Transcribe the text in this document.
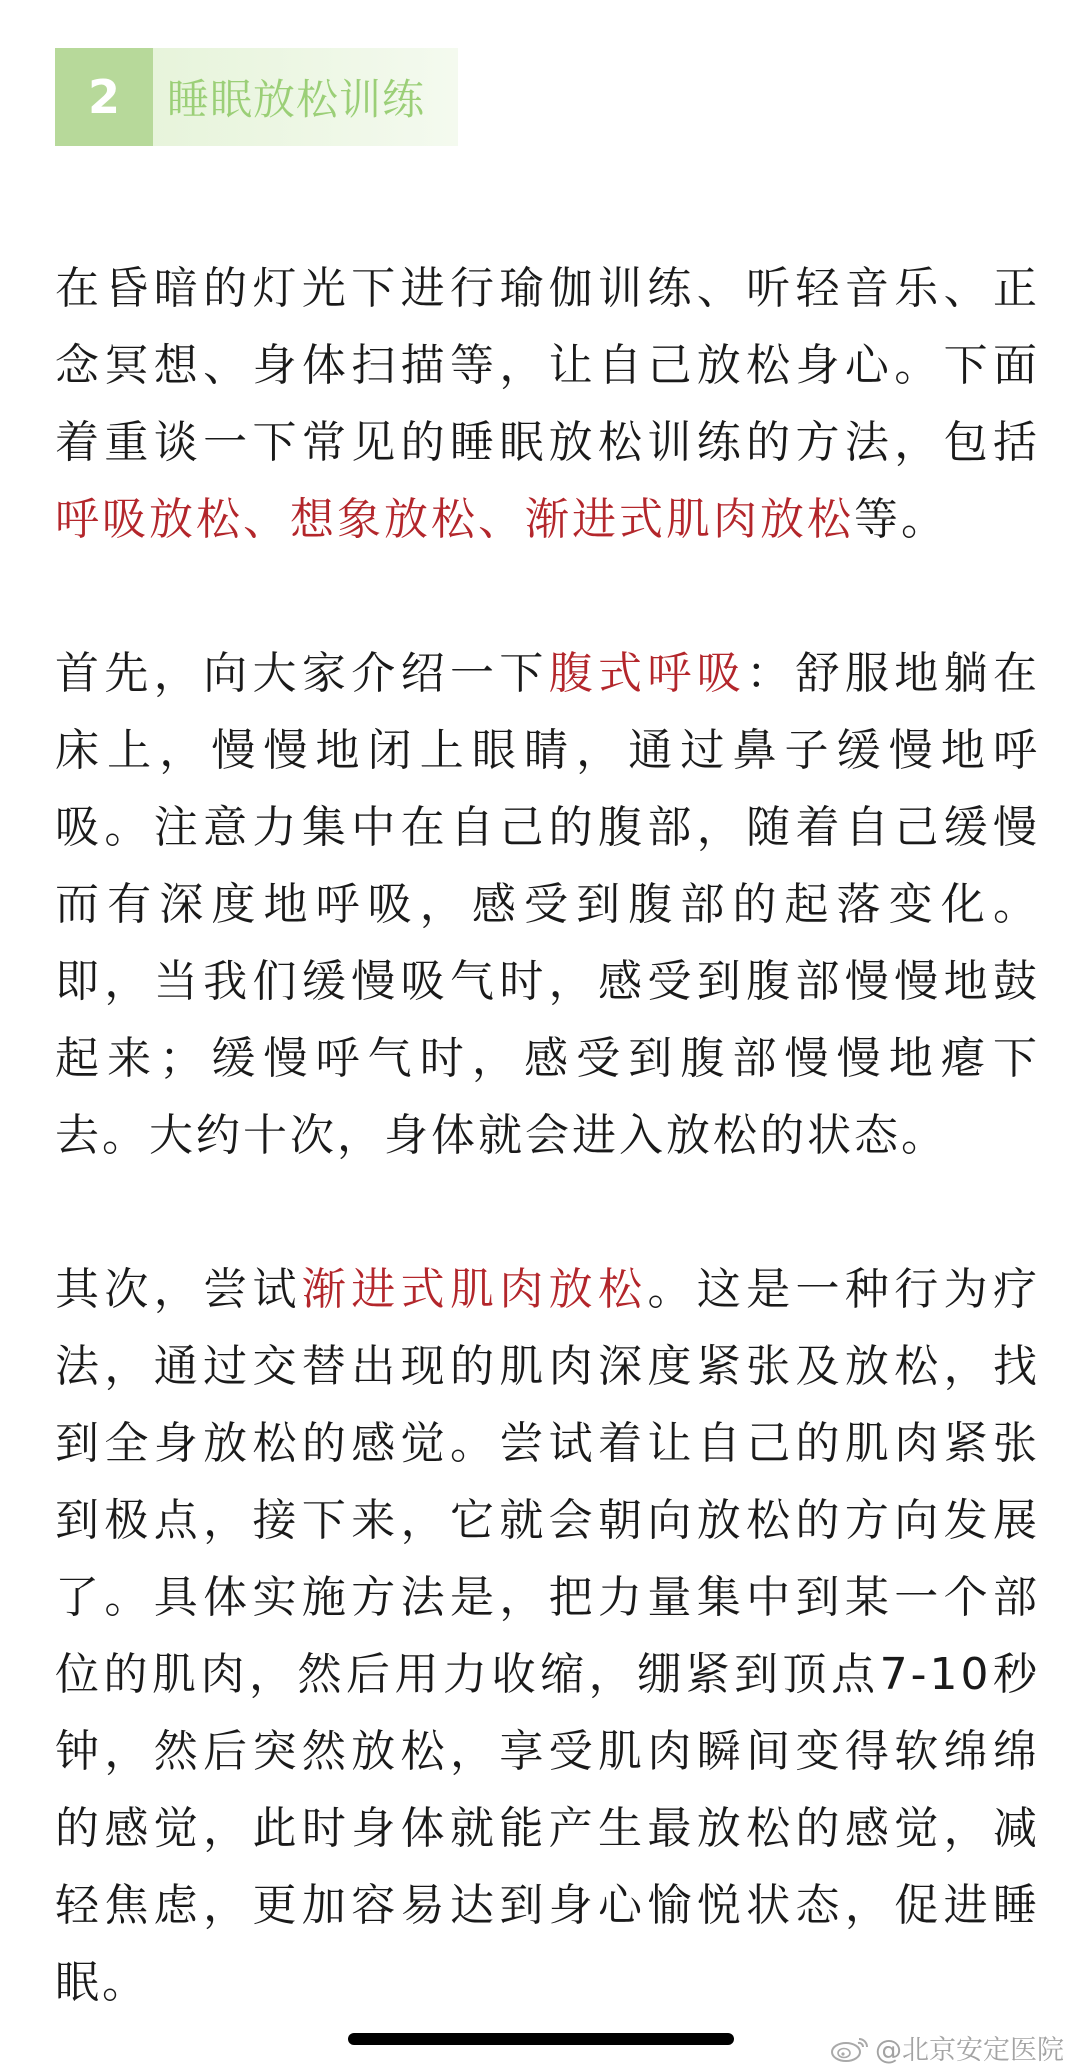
2	睡眠放松训练

在昏暗的灯光下进行瑜伽训练、听轻音乐、正念冥想、身体扫描等，让自己放松身心。下面着重谈一下常见的睡眠放松训练的方法，包括呼吸放松、想象放松、渐进式肌肉放松等。

首先，向大家介绍一下腹式呼吸：舒服地躺在床上，慢慢地闭上眼睛，通过鼻子缓慢地呼吸。注意力集中在自己的腹部，随着自己缓慢而有深度地呼吸，感受到腹部的起落变化。即，当我们缓慢吸气时，感受到腹部慢慢地鼓起来；缓慢呼气时，感受到腹部慢慢地瘪下去。大约十次，身体就会进入放松的状态。

其次，尝试渐进式肌肉放松。这是一种行为疗法，通过交替出现的肌肉深度紧张及放松，找到全身放松的感觉。尝试着让自己的肌肉紧张到极点，接下来，它就会朝向放松的方向发展了。具体实施方法是，把力量集中到某一个部位的肌肉，然后用力收缩，绷紧到顶点7-10秒钟，然后突然放松，享受肌肉瞬间变得软绵绵的感觉，此时身体就能产生最放松的感觉，减轻焦虑，更加容易达到身心愉悦状态，促进睡眠。

@北京安定医院
